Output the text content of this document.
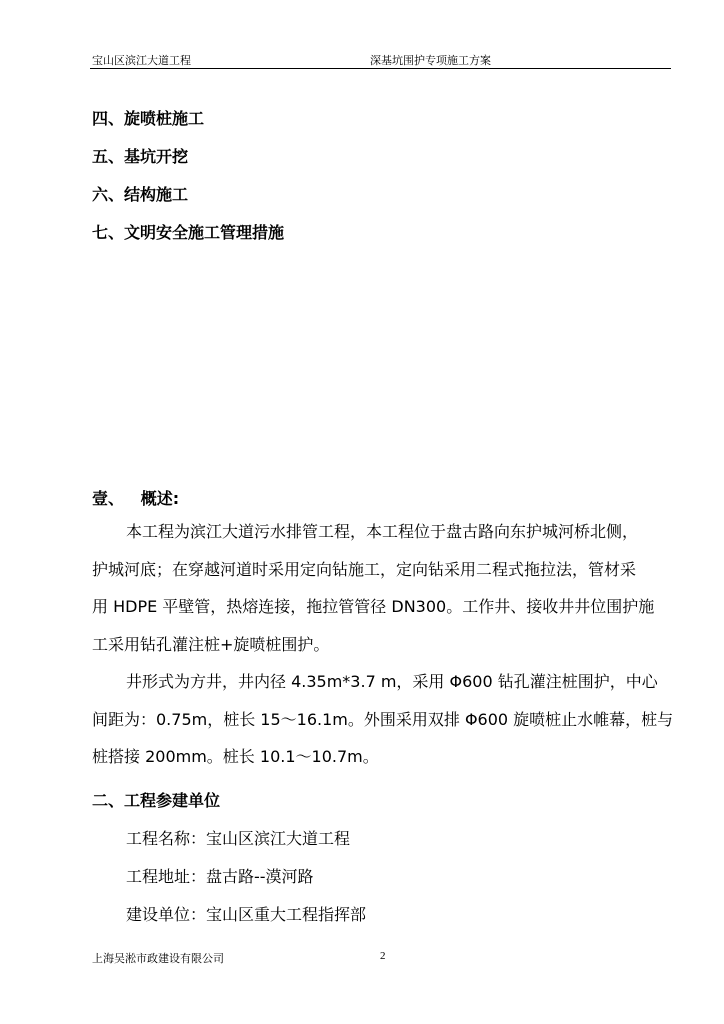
宝山区滨江大道工程	深基坑围护专项施工方案
四、旋喷桩施工
五、基坑开挖
六、结构施工
七、文明安全施工管理措施
壹、   概述:

本工程为滨江大道污水排管工程，本工程位于盘古路向东护城河桥北侧，

护城河底；在穿越河道时采用定向钻施工，定向钻采用二程式拖拉法，管材采

用 HDPE 平壁管，热熔连接，拖拉管管径 DN300。工作井、接收井井位围护施

工采用钻孔灌注桩+旋喷桩围护。

井形式为方井，井内径 4.35m*3.7 m，采用 Φ600 钻孔灌注桩围护，中心

间距为：0.75m，桩长 15～16.1m。外围采用双排 Φ600 旋喷桩止水帷幕，桩与

桩搭接 200mm。桩长 10.1～10.7m。

二、工程参建单位
工程名称：宝山区滨江大道工程
工程地址：盘古路--漠河路
建设单位：宝山区重大工程指挥部
上海吴淞市政建设有限公司	2
